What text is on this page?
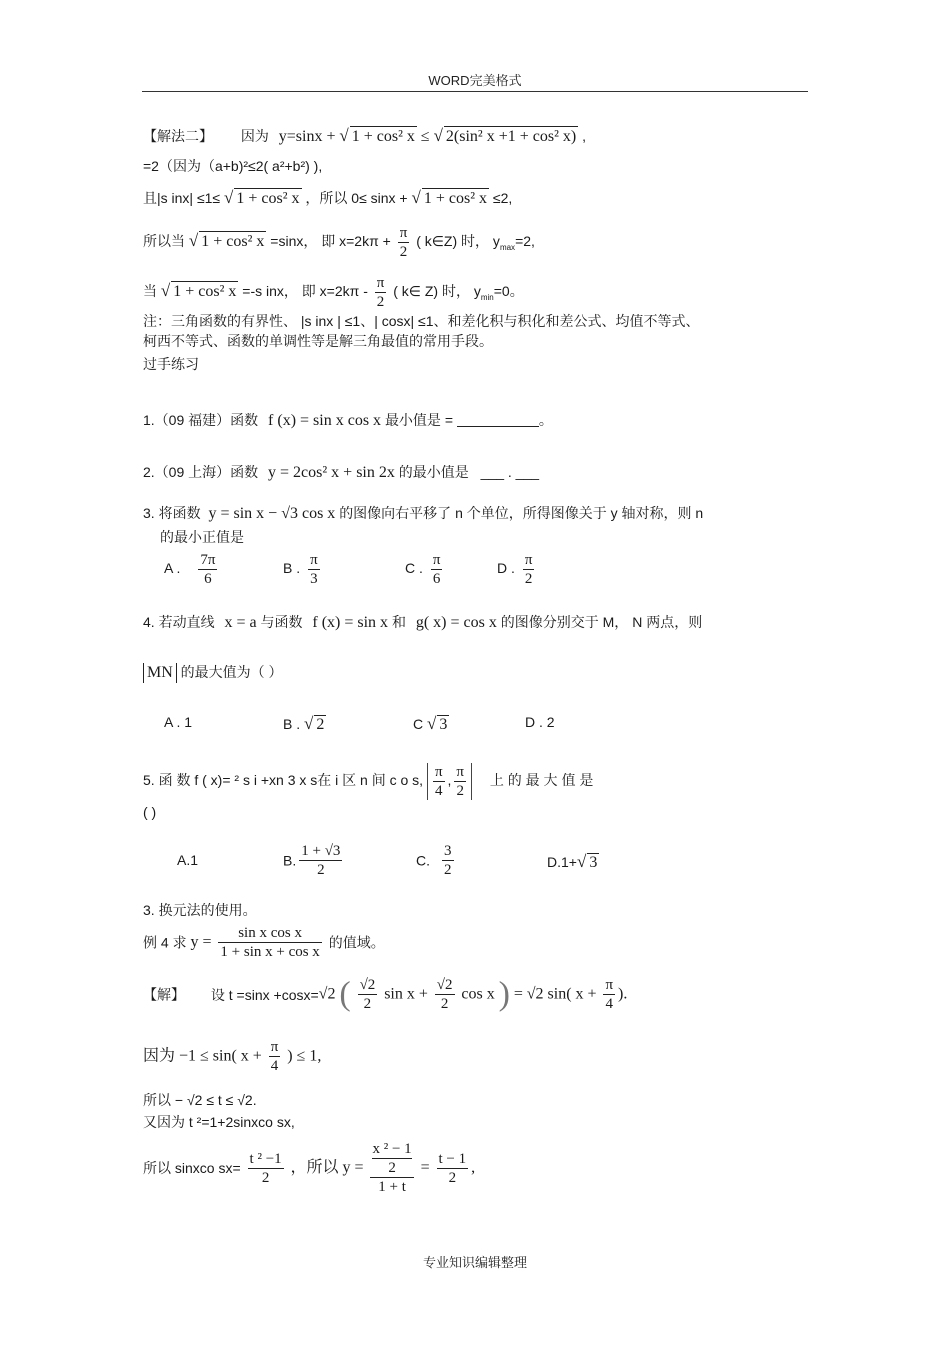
WORD完美格式
【解法二】 因为 y=sinx + √ 1 + cos² x ≤ √ 2(sin² x +1 + cos² x) ,
=2（因为（a+b)²≤2( a²+b²) ),
且|s inx| ≤1≤ √ 1 + cos² x ，所以 0≤ sinx + √ 1 + cos² x ≤2,
所以当 √ 1 + cos² x =sinx， 即 $x=2k\pi + \frac{\pi}{2}$ ( k∈Z) 时， $y_{max}=2$,
当 √ 1 + cos² x =-s inx， 即 $x=2k\pi - \frac{\pi}{2}$ ( k∈ Z) 时， $y_{min}=0$。
注：三角函数的有界性、 |s inx | ≤1、| cosx| ≤1、和差化积与积化和差公式、均值不等式、
柯西不等式、函数的单调性等是解三角最值的常用手段。
过手练习
1.（09 福建）函数 f (x) = sin x cos x 最小值是 =	。
2.（09 上海）函数 y = 2cos² x + sin 2x 的最小值是 ___ . ___
3. 将函数 y = sin x − √3 cos x 的图像向右平移了 n 个单位，所得图像关于 y 轴对称，则 n
的最小正值是
A . $\frac{7\pi}{6}$	B . $\frac{\pi}{3}$	C . $\frac{\pi}{6}$	D . $\frac{\pi}{2}$
4. 若动直线 x = a 与函数 f (x) = sin x 和 g( x) = cos x 的图像分别交于 M， N 两点，则
MN 的最大值为（ ）
A . 1	B . √ 2	C √ 3	D . 2
5. 函 数 f ( x)= ² s i +xn 3 x s在 i 区 n 间 c o s, $\frac{\pi}{4}$ , $\frac{\pi}{2}$ 上 的 最 大 值 是
( )
A.1	B. $\frac{1 + √3}{2}$	C. $\frac{3}{2}$	D.1+√ 3
3. 换元法的使用。
例 4 求 $y = \frac{\text{sin x cos x}}{\text{1 + sin x + cos x}}$ 的值域。
【解】 设 t =sinx +cosx=√2 ( $\frac{√2}{2}$ $\sin x + \frac{√2}{2}$ cos x ) = √2 sin( $x + \frac{\pi}{4}$ ).
因为 −1 ≤ sin( $x + \frac{\pi}{4}$ ) ≤ 1,
所以 − √2 ≤ t ≤ √2.
又因为 t ²=1+2sinxco sx,
所以 sinxco $sx= \frac{\text{t ² −1}}{2}$ ，所以 y = x ² − 1
2
$1 + t = \frac{t - 1}{2}$ ,
专业知识编辑整理
